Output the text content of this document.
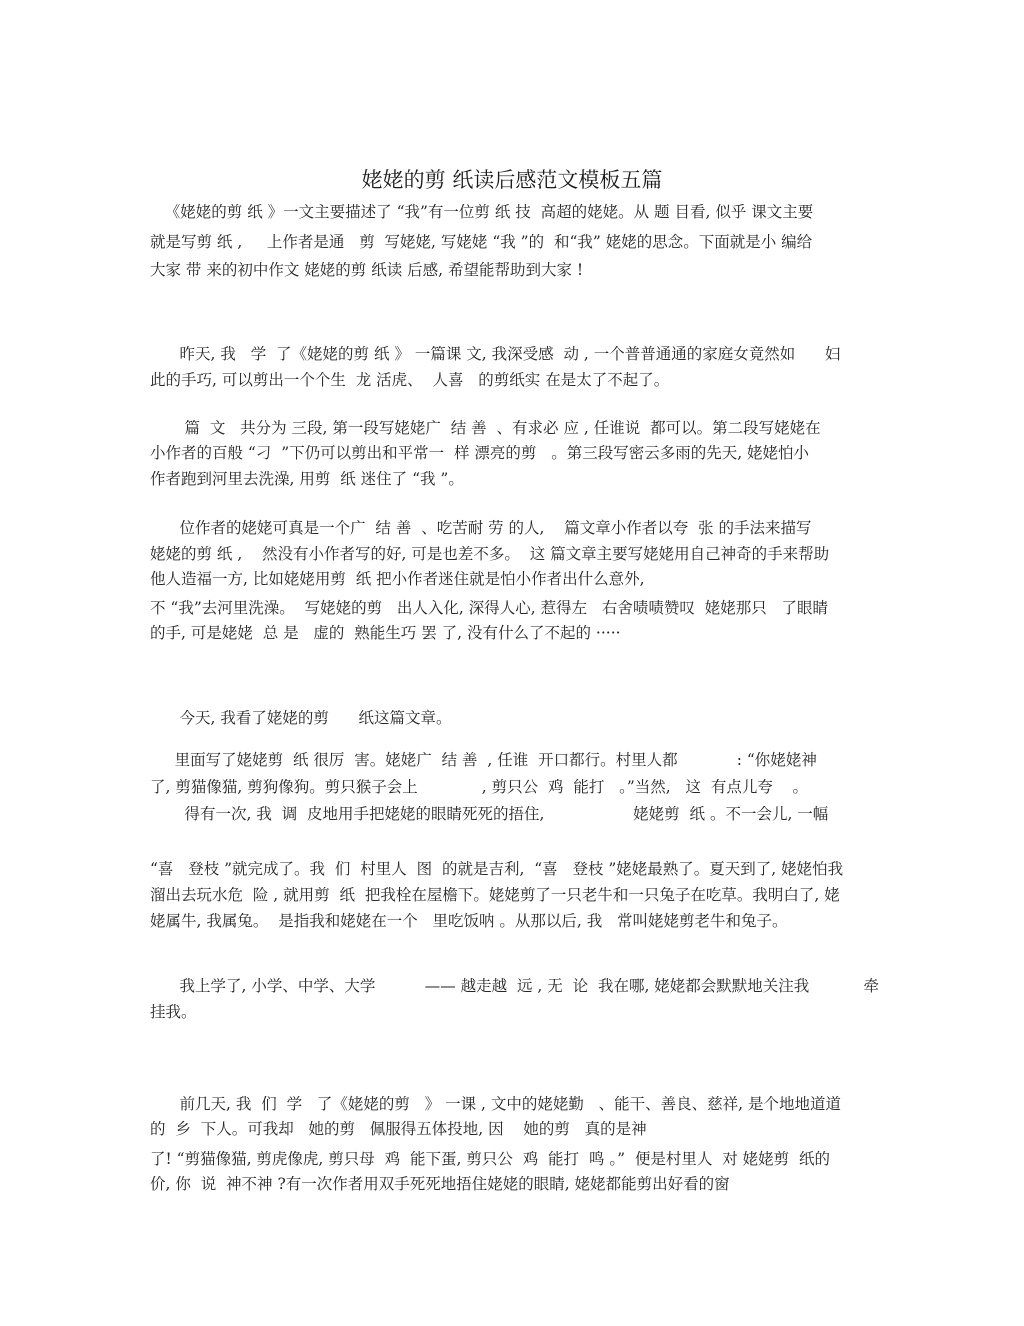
姥姥的剪 纸读后感范文模板五篇
《姥姥的剪 纸 》一文主要描述了 “我”有一位剪 纸 技  高超的姥姥。从 题 目看, 似乎 课文主要
就是写剪 纸 ,     上作者是通   剪  写姥姥, 写姥姥 “我 ”的  和“我” 姥姥的思念。下面就是小 编给
大家 带 来的初中作文 姥姥的剪 纸读 后感, 希望能帮助到大家 !
昨天, 我   学  了《姥姥的剪 纸 》 一篇课 文, 我深受感  动 , 一个普普通通的家庭女竟然如      妇
此的手巧, 可以剪出一个个生  龙 活虎、  人喜   的剪纸实 在是太了不起了。
篇  文   共分为 三段, 第一段写姥姥广  结 善  、有求必 应 , 任谁说  都可以。第二段写姥姥在
小作者的百般 “刁  ”下仍可以剪出和平常一  样 漂亮的剪   。第三段写密云多雨的先天, 姥姥怕小
作者跑到河里去洗澡, 用剪  纸 迷住了 “我 ”。
位作者的姥姥可真是一个广  结 善  、吃苦耐 劳 的人,    篇文章小作者以夸  张 的手法来描写
姥姥的剪 纸 ,    然没有小作者写的好, 可是也差不多。  这 篇文章主要写姥姥用自己神奇的手来帮助
他人造福一方, 比如姥姥用剪  纸 把小作者迷住就是怕小作者出什么意外,
不 “我”去河里洗澡。  写姥姥的剪   出人入化, 深得人心, 惹得左   右舍啧啧赞叹  姥姥那只   了眼睛
的手, 可是姥姥  总 是   虚的  熟能生巧 罢 了, 没有什么了不起的 ·····
今天, 我看了姥姥的剪      纸这篇文章。
里面写了姥姥剪  纸 很厉  害。姥姥广  结 善  , 任谁  开口都行。村里人都            : “你姥姥神
了, 剪猫像猫, 剪狗像狗。剪只猴子会上             , 剪只公  鸡  能打   。”当然,   这  有点儿夸    。
得有一次, 我  调  皮地用手把姥姥的眼睛死死的捂住,                  姥姥剪  纸 。不一会儿, 一幅
“喜   登枝 ”就完成了。我  们  村里人  图  的就是吉利,  “喜   登枝 ”姥姥最熟了。夏天到了, 姥姥怕我
溜出去玩水危  险 , 就用剪  纸  把我栓在屋檐下。姥姥剪了一只老牛和一只兔子在吃草。我明白了, 姥
姥属牛, 我属兔。  是指我和姥姥在一个   里吃饭呐 。从那以后, 我   常叫姥姥剪老牛和兔子。
我上学了, 小学、中学、大学          —— 越走越  远 , 无  论  我在哪, 姥姥都会默默地关注我           牵
挂我。
前几天, 我  们  学   了《姥姥的剪   》 一课 , 文中的姥姥勤   、能干、善良、慈祥, 是个地地道道
的  乡  下人。可我却   她的剪   佩服得五体投地, 因    她的剪   真的是神
了! “剪猫像猫, 剪虎像虎, 剪只母  鸡  能下蛋, 剪只公  鸡  能打  鸣 。”  便是村里人  对 姥姥剪  纸的
价, 你  说  神不神 ?有一次作者用双手死死地捂住姥姥的眼睛, 姥姥都能剪出好看的窗
